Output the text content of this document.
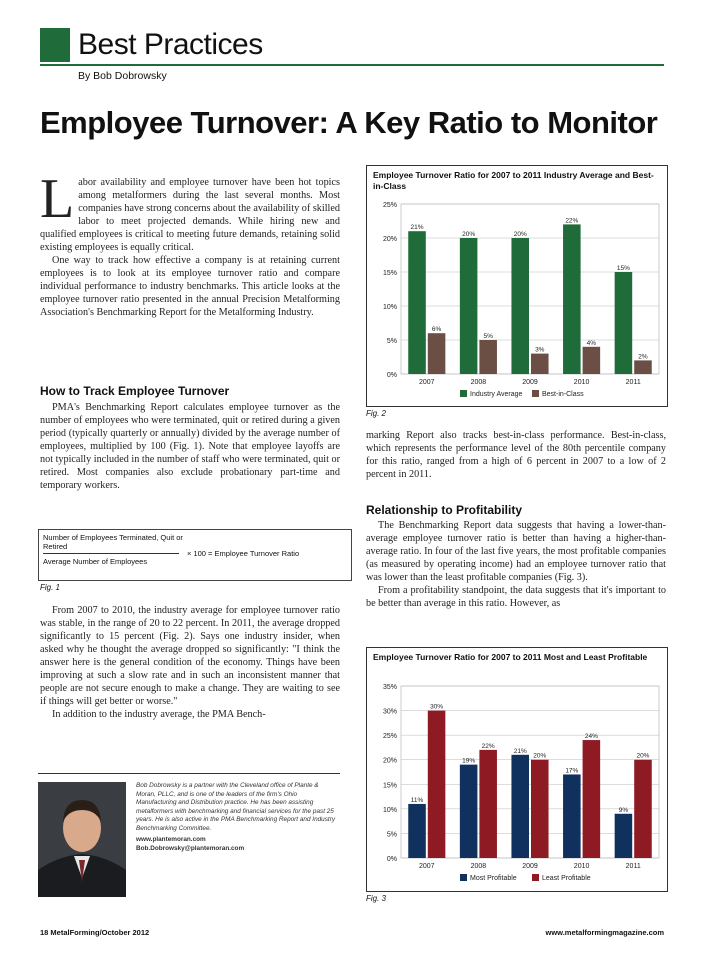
Best Practices
By Bob Dobrowsky
Employee Turnover: A Key Ratio to Monitor
L abor availability and employee turnover have been hot topics among metalformers during the last several months. Most companies have strong concerns about the availability of skilled labor to meet projected demands. While hiring new and qualified employees is critical to meeting future demands, retaining solid existing employees is equally critical.

One way to track how effective a company is at retaining current employees is to look at its employee turnover ratio and compare individual performance to industry benchmarks. This article looks at the employee turnover ratio presented in the annual Precision Metalforming Association's Benchmarking Report for the Metalforming Industry.

How to Track Employee Turnover

PMA's Benchmarking Report calculates employee turnover as the number of employees who were terminated, quit or retired during a given period (typically quarterly or annually) divided by the average number of employees, multiplied by 100 (Fig. 1). Note that employee layoffs are not typically included in the number of staff who were terminated, quit or retired. Most companies also exclude probationary part-time and temporary workers.

Number of Employees Terminated, Quit or Retired
Average Number of Employees
× 100 = Employee Turnover Ratio
Fig. 1

From 2007 to 2010, the industry average for employee turnover ratio was stable, in the range of 20 to 22 percent. In 2011, the average dropped significantly to 15 percent (Fig. 2). Says one industry insider, when asked why he thought the average dropped so significantly: "I think the answer here is the general condition of the economy. Things have been improving at such a slow rate and in such an inconsistent manner that people are not secure enough to make a change. They are waiting to see if things will get better or worse."

In addition to the industry average, the PMA Bench-

Bob Dobrowsky is a partner with the Cleveland office of Plante & Moran, PLLC, and is one of the leaders of the firm's Ohio Manufacturing and Distribution practice. He has been assisting metalformers with benchmarking and financial services for the past 25 years. He is also active in the PMA Benchmarking Report and Industry Benchmarking Committee.
www.plantemoran.com
Bob.Dobrowsky@plantemoran.com
Employee Turnover Ratio for 2007 to 2011 Industry Average and Best-in-Class
25%
20%
15%
10%
5%
0%
21%
6%
2007
20%
5%
2008
20%
3%
2009
22%
4%
2010
15%
2%
2011
Industry Average	Best-in-Class
Fig. 2

marking Report also tracks best-in-class performance. Best-in-class, which represents the performance level of the 80th percentile company for this ratio, ranged from a high of 6 percent in 2007 to a low of 2 percent in 2011.

Relationship to Profitability

The Benchmarking Report data suggests that having a lower-than-average employee turnover ratio is better than having a higher-than-average ratio. In four of the last five years, the most profitable companies (as measured by operating income) had an employee turnover ratio that was lower than the least profitable companies (Fig. 3).

From a profitability standpoint, the data suggests that it's important to be better than average in this ratio. However, as

Employee Turnover Ratio for 2007 to 2011 Most and Least Profitable
35%
30%
25%
20%
15%
10%
5%
0%
11%
30%
2007
19%
22%
2008
21%
20%
2009
17%
24%
2010
9%
20%
2011
Most Profitable	Least Profitable
Fig. 3
18 MetalForming/October 2012	www.metalformingmagazine.com
